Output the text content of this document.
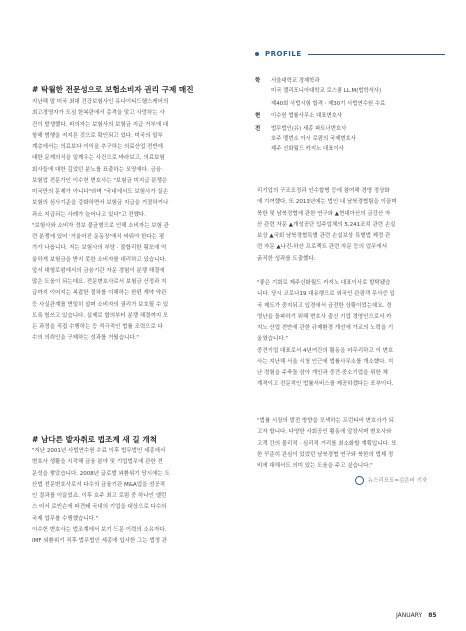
PROFILE
학	서울대학교 경제학과

미국 캘리포니아대학교 로스쿨 LL.M(법학석사)

제40회 사법시험 합격 · 제30기 사법연수원 수료

현	이수헌 법률사무소 대표변호사

전	법무법인(유) 세종 파트너변호사

호주 멜번소 아시 로펌의 국제변호사

제주 신화월드 카지노 대표이사

# 탁월한 전문성으로 보험소비자 권리 구제 매진

지난해 말 미국 최대 건강보험사인 유나이티드헬스케어의

최고경영자가 도심 한복판에서 총격을 맞고 사망하는 사

건이 발생했다. 피의자는 보험사의 보험금 지급 거부에 대

항해 범행을 저지른 것으로 확인되고 있다. 미국의 일부

계층에서는 의료보다 이익을 추구하는 의료산업 전반에

대한 문제의식을 일깨우는 사건으로 바라보고, 의료보험

회사들에 대한 깊었던 분노를 표출하는 모양새다. 금융·

보험업 전문가인 이수헌 변호사는 "보험금 미지급 분쟁은

미국만의 문제가 아니다"라며 "국내에서도 보험사가 실손

보험의 심사기준을 강화하면서 보험금 지급을 거절하거나

과소 지급되는 사례가 늘어나고 있다"고 전했다.

"보험사와 소비자 정보 불균형으로 인해 소비자는 보험 관

련 분쟁에 있어 '거울어진 운동장'에서 싸워야 한다는 평

가가 나옵니다. 저는 보험사의 부당 · 불합리한 횡포에 억

울하게 보험금을 받지 못한 소비자를 대리하고 있습니다.

앞서 대형로펌에서의 금융기관 자문 경험이 분쟁 해결에

많은 도움이 되는데요. 전문변호사로서 보험금 산정과 지

급까지 이어지는 복잡한 절차를 이해하는 한편 계약 약관

등 사실관계를 면밀히 살펴 소비자의 권리가 보호될 수 있

도록 힘쓰고 있습니다. 실제로 합의부터 분쟁 해결까지 모

든 과정을 직접 수행하는 등 적극적인 법률 조력으로 다

수의 의뢰인을 구제하는 성과를 거뒀습니다."

# 남다른 발자취로 법조계 새 길 개척

"지난 2001년 사법연수원 수료 이후 법무법인 세종에서

변호사 생활을 시작해 금융 분야 및 기업법무에 관한 전

문성을 쌓았습니다. 2008년 글로벌 외환위기 당시에는 도

산법 전문변호사로서 다수의 금융기관 M&A업을 성공적

인 결과를 이끌었죠. 이후 호주 최고 로펌 중 하나인 앨런

스 어서 로빈슨에 파견돼 국내의 기업을 대상으로 다수의

국제 업무를 수행했습니다."

이수헌 변호사는 법조계에서 보기 드문 이력의 소유자다.

IMF 외환위기 직후 법무법인 세종에 입사한 그는 법정 관

리기업의 구조조정과 인수합병 등에 참여해 경영 정상화

에 기여했다. 또 2013년에는 법인 내 남북경협팀을 이끌며

북한 및 남북경협에 관한 연구와 ▲현대아산의 금강산 자

산 관련 자문 ▲개성공단 입주업체의 5,241조치 관련 손실

보상 ▲국회 남북경협특별 관련 손실보상 특별법 제정 관

련 자문 ▲나진-하산 프로젝트 관련 자문 등의 업무에서

굵직한 성과를 도출했다.

"좋은 기회로 제주신화월드 카지노 대표이사로 발탁됐습

니다. 당시 코로나19 대유행으로 외국인 관광객 무사증 입

국 제도가 중지되고 입경에서 금전한 상황이었는데요. 경

영난을 돌파하기 위해 변호사 출신 기업 경영인으로서 카

지노 산업 전반에 관한 규제환경 개선에 가교의 노력을 기

울였습니다."

중견기업 대표로서 4년여간의 활동을 마무리하고 이 변호

사는 지난해 서울 시청 인근에 법률사무소를 개소했다. 지

난 경험을 주축돌 삼아 개인과 중견·중소기업을 위한 체

계적이고 전문적인 법률서비스를 제공하겠다는 포부이다.

"법률 시장의 발전 방향을 모색하는 프런티어 변호사가 되

고자 합니다. 다양한 사회공인 활동에 앞장서며 변호사와

고객 간의 물리적 · 심리적 거리를 최소화할 계획입니다. 또

한 꾸준히 관심이 있었던 남북경협 연구와 북한의 법제 정

비에 대해서도 의미 있는 도움을 주고 싶습니다."

뉴스리포트=김은비 기자
JANUARY 85
